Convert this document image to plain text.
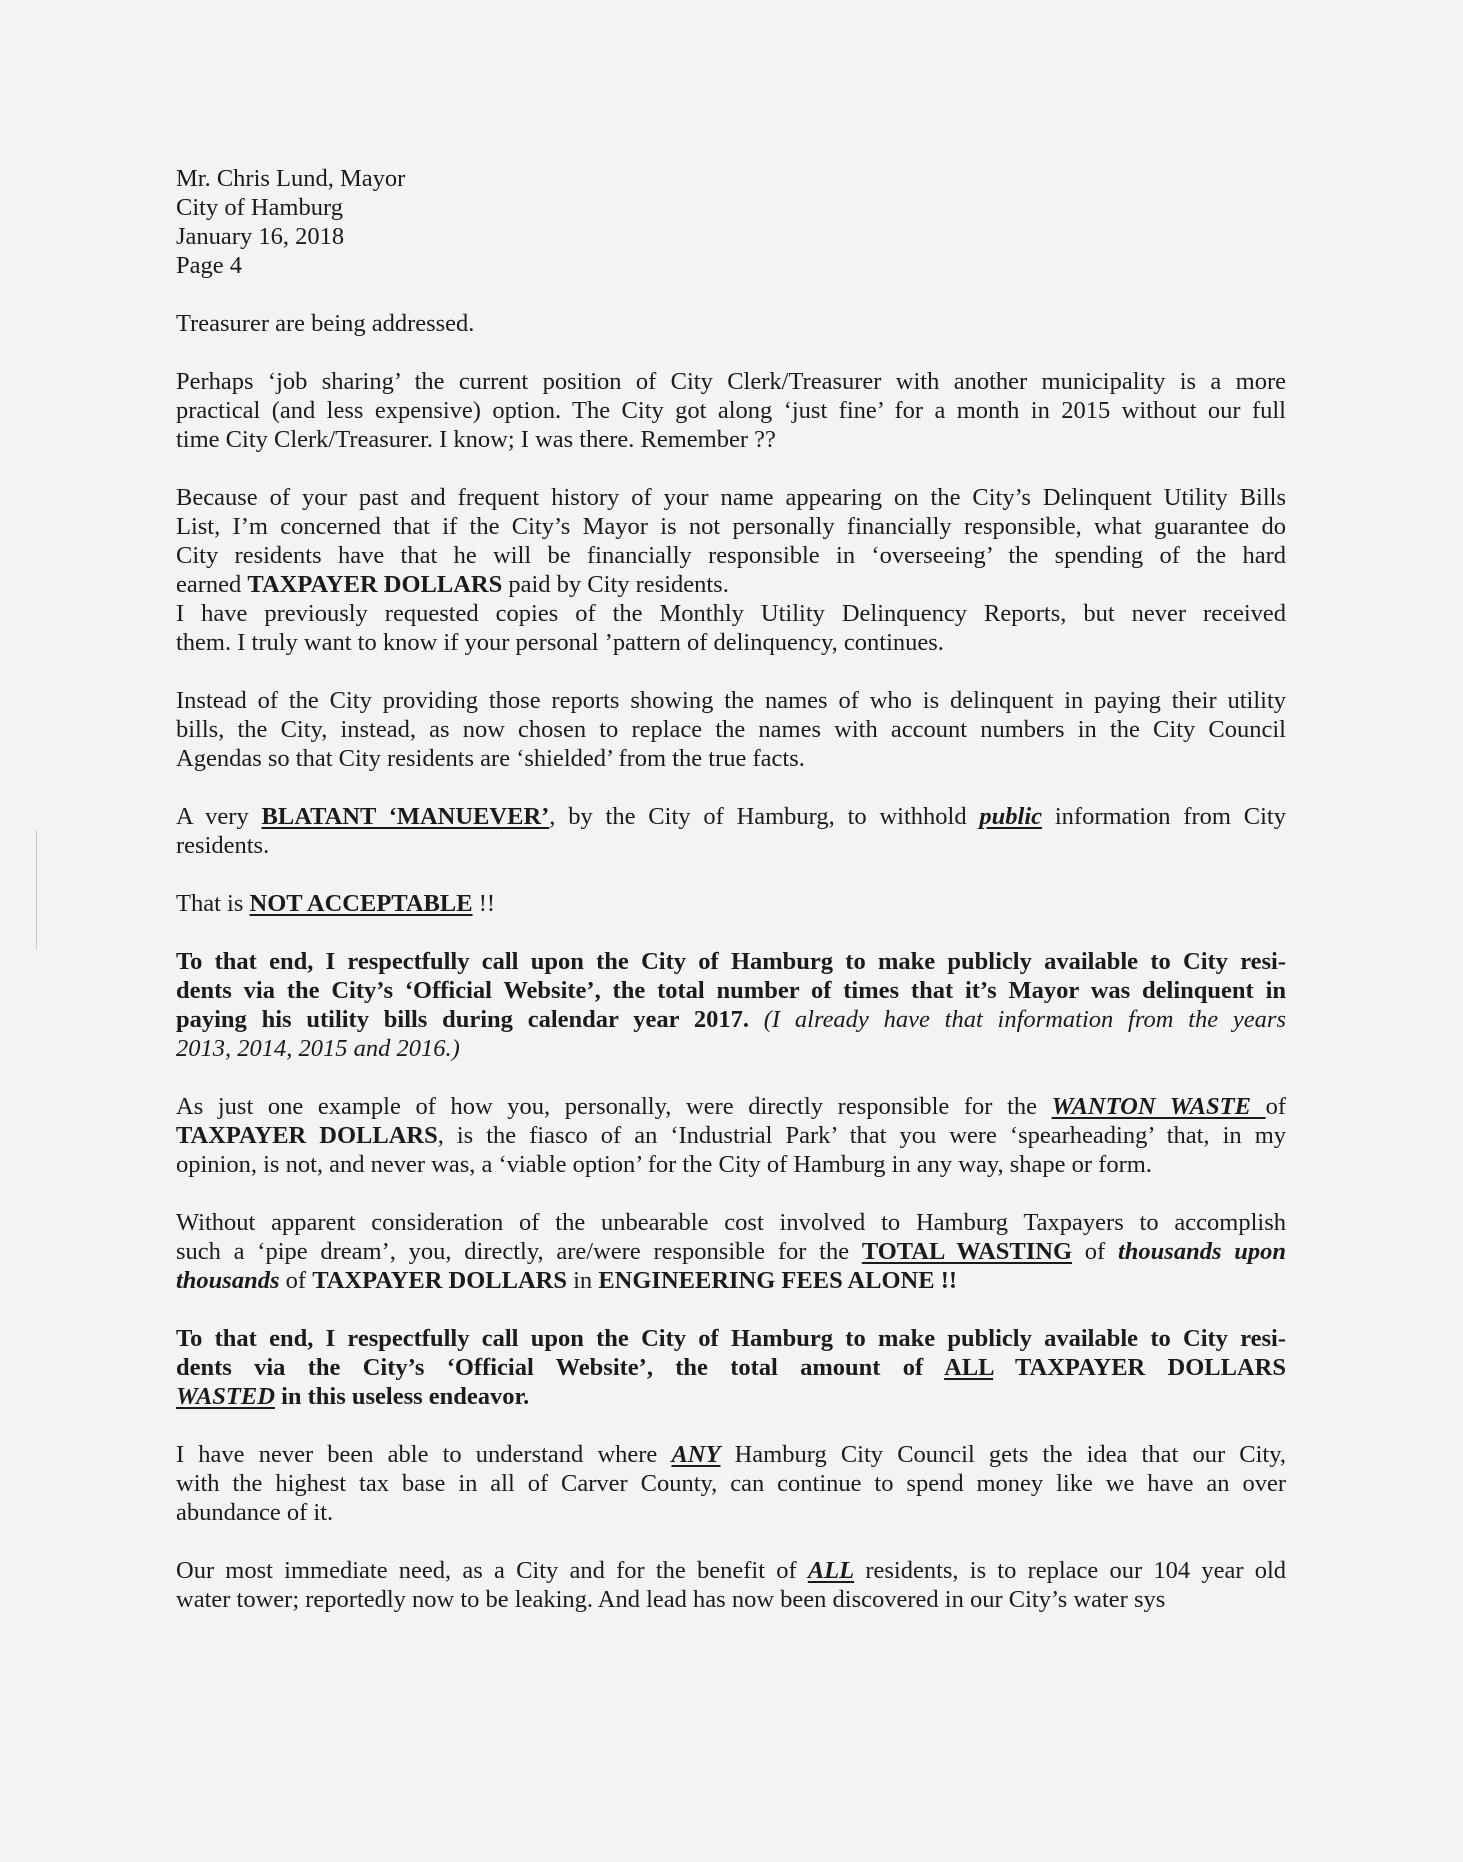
Mr. Chris Lund, Mayor

City of Hamburg

January 16, 2018

Page 4

Treasurer are being addressed.

Perhaps ‘job sharing’ the current position of City Clerk/Treasurer with another municipality is a more
practical (and less expensive) option. The City got along ‘just fine’ for a month in 2015 without our full
time City Clerk/Treasurer. I know; I was there. Remember ??

Because of your past and frequent history of your name appearing on the City’s Delinquent Utility Bills
List, I’m concerned that if the City’s Mayor is not personally financially responsible, what guarantee do
City residents have that he will be financially responsible in ‘overseeing’ the spending of the hard
earned TAXPAYER DOLLARS paid by City residents.
I have previously requested copies of the Monthly Utility Delinquency Reports, but never received
them. I truly want to know if your personal ’pattern of delinquency, continues.

Instead of the City providing those reports showing the names of who is delinquent in paying their utility
bills, the City, instead, as now chosen to replace the names with account numbers in the City Council
Agendas so that City residents are ‘shielded’ from the true facts.

A very BLATANT ‘MANUEVER’, by the City of Hamburg, to withhold public information from City
residents.

That is NOT ACCEPTABLE !!

To that end, I respectfully call upon the City of Hamburg to make publicly available to City resi-
dents via the City’s ‘Official Website’, the total number of times that it’s Mayor was delinquent in
paying his utility bills during calendar year 2017. (I already have that information from the years
2013, 2014, 2015 and 2016.)

As just one example of how you, personally, were directly responsible for the WANTON WASTE of
TAXPAYER DOLLARS, is the fiasco of an ‘Industrial Park’ that you were ‘spearheading’ that, in my
opinion, is not, and never was, a ‘viable option’ for the City of Hamburg in any way, shape or form.

Without apparent consideration of the unbearable cost involved to Hamburg Taxpayers to accomplish
such a ‘pipe dream’, you, directly, are/were responsible for the TOTAL WASTING of thousands upon
thousands of TAXPAYER DOLLARS in ENGINEERING FEES ALONE !!

To that end, I respectfully call upon the City of Hamburg to make publicly available to City resi-
dents via the City’s ‘Official Website’, the total amount of ALL TAXPAYER DOLLARS
WASTED in this useless endeavor.

I have never been able to understand where ANY Hamburg City Council gets the idea that our City,
with the highest tax base in all of Carver County, can continue to spend money like we have an over
abundance of it.

Our most immediate need, as a City and for the benefit of ALL residents, is to replace our 104 year old
water tower; reportedly now to be leaking. And lead has now been discovered in our City’s water sys
